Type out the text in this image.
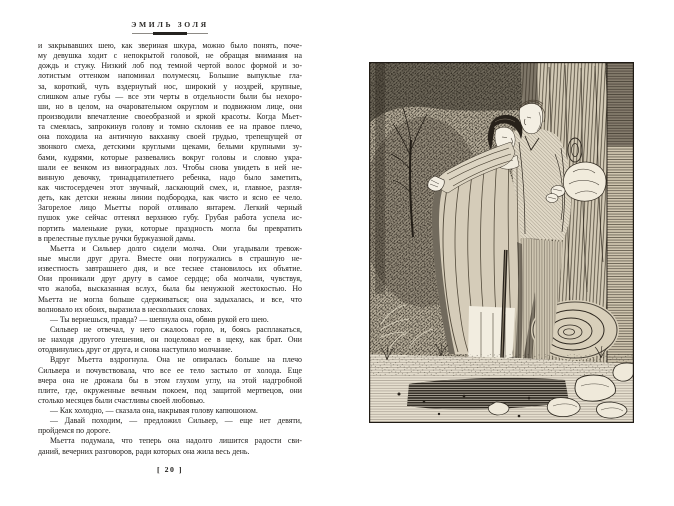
ЭМИЛЬ ЗОЛЯ
и закрывавших шею, как звериная шкура, можно было понять, поче-
му девушка ходит с непокрытой головой, не обращая внимания на
дождь и стужу. Низкий лоб под темной чертой волос формой и зо-
лотистым оттенком напоминал полумесяц. Большие выпуклые гла-
за, короткий, чуть вздернутый нос, широкий у ноздрей, крупные,
слишком алые губы — все эти черты в отдельности были бы нехоро-
ши, но в целом, на очаровательном округлом и подвижном лице, они
производили впечатление своеобразной и яркой красоты. Когда Мьет-
та смеялась, запрокинув голову и томно склонив ее на правое плечо,
она походила на античную вакханку своей грудью, трепещущей от
звонкого смеха, детскими круглыми щеками, белыми крупными зу-
бами, кудрями, которые развевались вокруг головы и словно укра-
шали ее венком из виноградных лоз. Чтобы снова увидеть в ней не-
винную девочку, тринадцатилетнего ребенка, надо было заметить,
как чистосердечен этот звучный, ласкающий смех, и, главное, разгля-
деть, как детски нежны линии подбородка, как чисто и ясно ее чело.
Загорелое лицо Мьетты порой отливало янтарем. Легкий черный
пушок уже сейчас оттенял верхнюю губу. Грубая работа успела ис-
портить маленькие руки, которые праздность могла бы превратить
в прелестные пухлые ручки буржуазной дамы.
Мьетта и Сильвер долго сидели молча. Они угадывали тревож-
ные мысли друг друга. Вместе они погружались в страшную не-
известность завтрашнего дня, и все теснее становилось их объятие.
Они проникали друг другу в самое сердце; оба молчали, чувствуя,
что жалоба, высказанная вслух, была бы ненужной жестокостью. Но
Мьетта не могла больше сдерживаться; она задыхалась, и все, что
волновало их обоих, выразила в нескольких словах.
— Ты вернешься, правда? — шепнула она, обвив рукой его шею.
Сильвер не отвечал, у него сжалось горло, и, боясь расплакаться,
не находя другого утешения, он поцеловал ее в щеку, как брат. Они
отодвинулись друг от друга, и снова наступило молчание.
Вдруг Мьетта вздрогнула. Она не опиралась больше на плечо
Сильвера и почувствовала, что все ее тело застыло от холода. Еще
вчера она не дрожала бы в этом глухом углу, на этой надгробной
плите, где, окруженные вечным покоем, под защитой мертвецов, они
столько месяцев были счастливы своей любовью.
— Как холодно, — сказала она, накрывая голову капюшоном.
— Давай походим, — предложил Сильвер, — еще нет девяти,
пройдемся по дороге.
Мьетта подумала, что теперь она надолго лишится радости сви-
даний, вечерних разговоров, ради которых она жила весь день.
[ 20 ]
